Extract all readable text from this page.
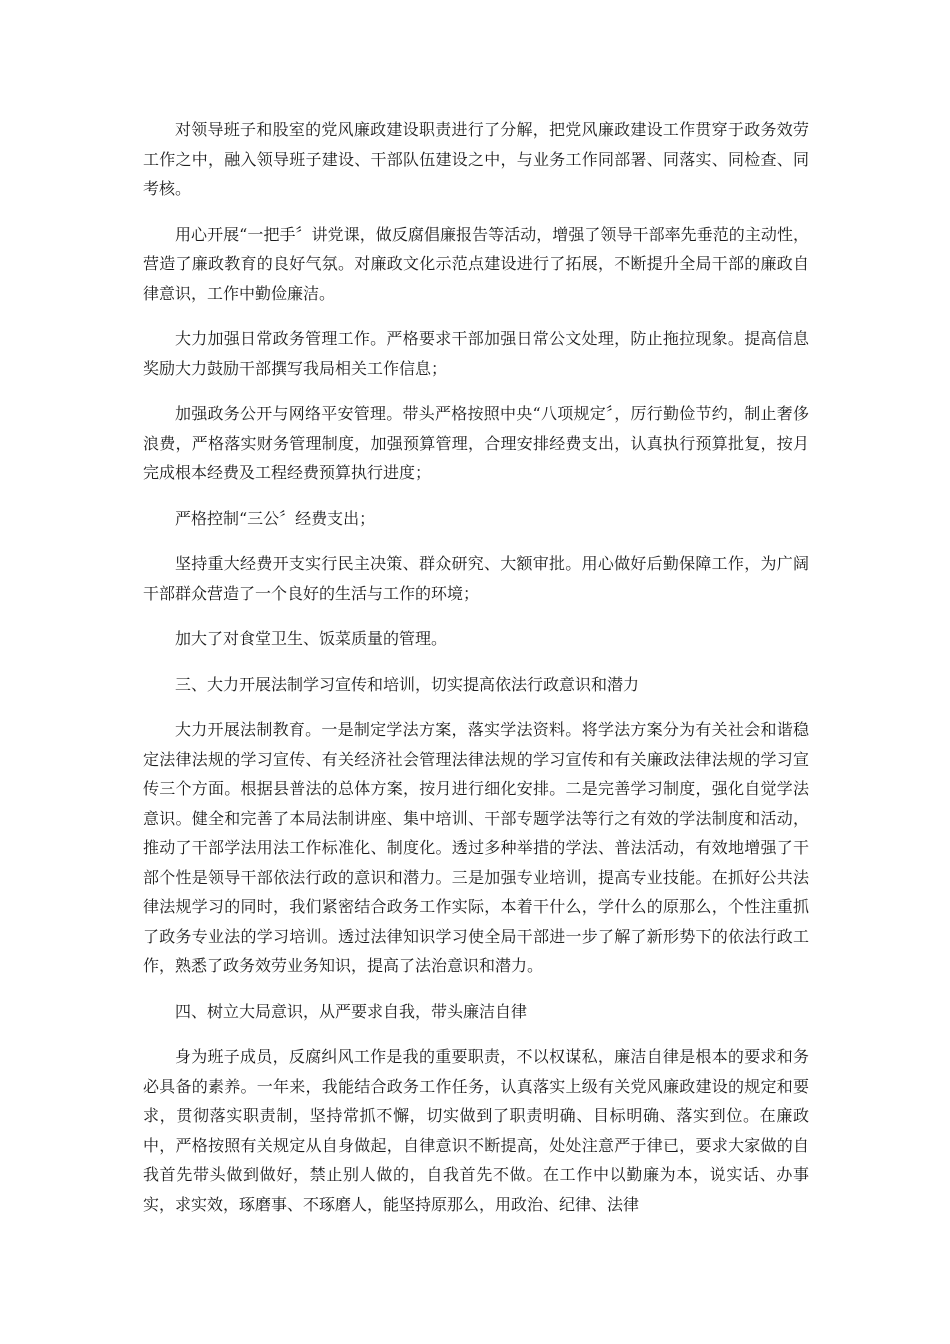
对领导班子和股室的党风廉政建设职责进行了分解，把党风廉政建设工作贯穿于政务效劳工作之中，融入领导班子建设、干部队伍建设之中，与业务工作同部署、同落实、同检查、同考核。

用心开展“一把手〞讲党课，做反腐倡廉报告等活动，增强了领导干部率先垂范的主动性，营造了廉政教育的良好气氛。对廉政文化示范点建设进行了拓展，不断提升全局干部的廉政自律意识，工作中勤俭廉洁。

大力加强日常政务管理工作。严格要求干部加强日常公文处理，防止拖拉现象。提高信息奖励大力鼓励干部撰写我局相关工作信息；

加强政务公开与网络平安管理。带头严格按照中央“八项规定〞，厉行勤俭节约，制止奢侈浪费，严格落实财务管理制度，加强预算管理，合理安排经费支出，认真执行预算批复，按月完成根本经费及工程经费预算执行进度；

严格控制“三公〞经费支出；

坚持重大经费开支实行民主决策、群众研究、大额审批。用心做好后勤保障工作，为广阔干部群众营造了一个良好的生活与工作的环境；

加大了对食堂卫生、饭菜质量的管理。

三、大力开展法制学习宣传和培训，切实提高依法行政意识和潜力

大力开展法制教育。一是制定学法方案，落实学法资料。将学法方案分为有关社会和谐稳定法律法规的学习宣传、有关经济社会管理法律法规的学习宣传和有关廉政法律法规的学习宣传三个方面。根据县普法的总体方案，按月进行细化安排。二是完善学习制度，强化自觉学法意识。健全和完善了本局法制讲座、集中培训、干部专题学法等行之有效的学法制度和活动，推动了干部学法用法工作标准化、制度化。透过多种举措的学法、普法活动，有效地增强了干部个性是领导干部依法行政的意识和潜力。三是加强专业培训，提高专业技能。在抓好公共法律法规学习的同时，我们紧密结合政务工作实际，本着干什么，学什么的原那么，个性注重抓了政务专业法的学习培训。透过法律知识学习使全局干部进一步了解了新形势下的依法行政工作，熟悉了政务效劳业务知识，提高了法治意识和潜力。

四、树立大局意识，从严要求自我，带头廉洁自律

身为班子成员，反腐纠风工作是我的重要职责，不以权谋私，廉洁自律是根本的要求和务必具备的素养。一年来，我能结合政务工作任务，认真落实上级有关党风廉政建设的规定和要求，贯彻落实职责制，坚持常抓不懈，切实做到了职责明确、目标明确、落实到位。在廉政中，严格按照有关规定从自身做起，自律意识不断提高，处处注意严于律已，要求大家做的自我首先带头做到做好，禁止别人做的，自我首先不做。在工作中以勤廉为本，说实话、办事实，求实效，琢磨事、不琢磨人，能坚持原那么，用政治、纪律、法律
